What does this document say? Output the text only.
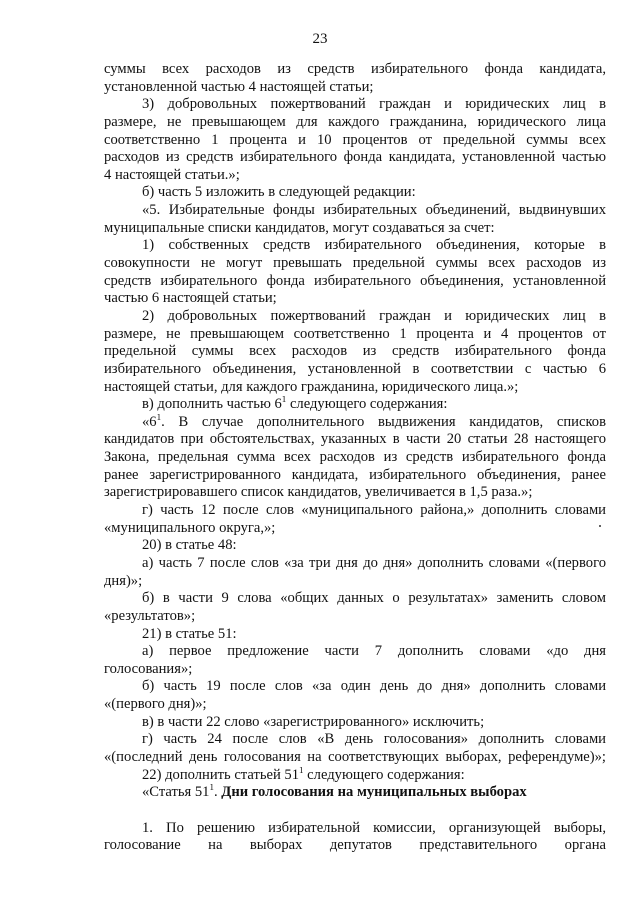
23
суммы всех расходов из средств избирательного фонда кандидата,
установленной частью 4 настоящей статьи;
3) добровольных пожертвований граждан и юридических лиц в
размере, не превышающем для каждого гражданина, юридического лица
соответственно 1 процента и 10 процентов от предельной суммы всех
расходов из средств избирательного фонда кандидата, установленной частью
4 настоящей статьи.»;
б) часть 5 изложить в следующей редакции:
«5. Избирательные фонды избирательных объединений, выдвинувших
муниципальные списки кандидатов, могут создаваться за счет:
1) собственных средств избирательного объединения, которые в
совокупности не могут превышать предельной суммы всех расходов из
средств избирательного фонда избирательного объединения, установленной
частью 6 настоящей статьи;
2) добровольных пожертвований граждан и юридических лиц в
размере, не превышающем соответственно 1 процента и 4 процентов от
предельной суммы всех расходов из средств избирательного фонда
избирательного объединения, установленной в соответствии с частью 6
настоящей статьи, для каждого гражданина, юридического лица.»;
в) дополнить частью $6^1$ следующего содержания:
«$6^1$. В случае дополнительного выдвижения кандидатов, списков
кандидатов при обстоятельствах, указанных в части 20 статьи 28 настоящего
Закона, предельная сумма всех расходов из средств избирательного фонда
ранее зарегистрированного кандидата, избирательного объединения, ранее
зарегистрировавшего список кандидатов, увеличивается в 1,5 раза.»;
г) часть 12 после слов «муниципального района,» дополнить словами
«муниципального округа,»;
20) в статье 48:
а) часть 7 после слов «за три дня до дня» дополнить словами «(первого
дня)»;
б) в части 9 слова «общих данных о результатах» заменить словом
«результатов»;
21) в статье 51:
а) первое предложение части 7 дополнить словами «до дня
голосования»;
б) часть 19 после слов «за один день до дня» дополнить словами
«(первого дня)»;
в) в части 22 слово «зарегистрированного» исключить;
г) часть 24 после слов «В день голосования» дополнить словами
«(последний день голосования на соответствующих выборах, референдуме)»;
22) дополнить статьей $51^1$ следующего содержания:
«Статья $51^1$. Дни голосования на муниципальных выборах
1. По решению избирательной комиссии, организующей выборы,
голосование на выборах депутатов представительного органа
